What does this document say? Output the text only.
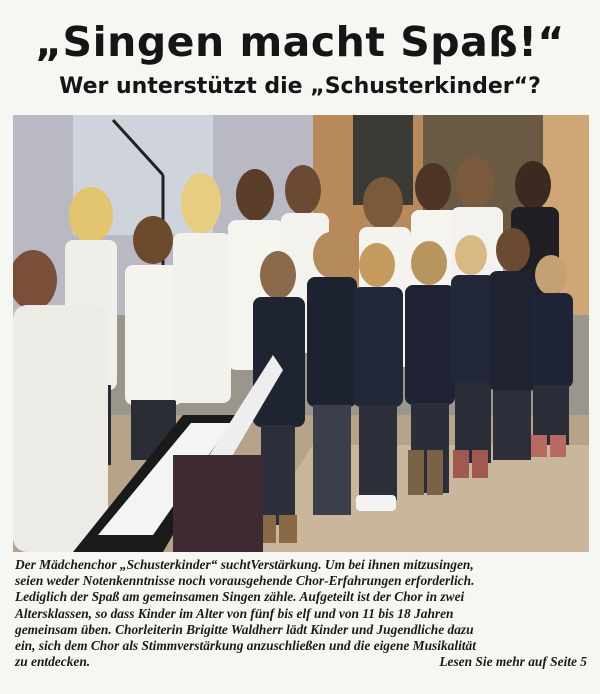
„Singen macht Spaß!“
Wer unterstützt die „Schusterkinder“?

Der Mädchenchor „Schusterkinder“ suchtVerstärkung. Um bei ihnen mitzusingen,

seien weder Notenkenntnisse noch vorausgehende Chor-Erfahrungen erforderlich.

Lediglich der Spaß am gemeinsamen Singen zähle. Aufgeteilt ist der Chor in zwei

Altersklassen, so dass Kinder im Alter von fünf bis elf und von 11 bis 18 Jahren

gemeinsam üben. Chorleiterin Brigitte Waldherr lädt Kinder und Jugendliche dazu

ein, sich dem Chor als Stimmverstärkung anzuschließen und die eigene Musikalität

zu entdecken.	Lesen Sie mehr auf Seite 5
